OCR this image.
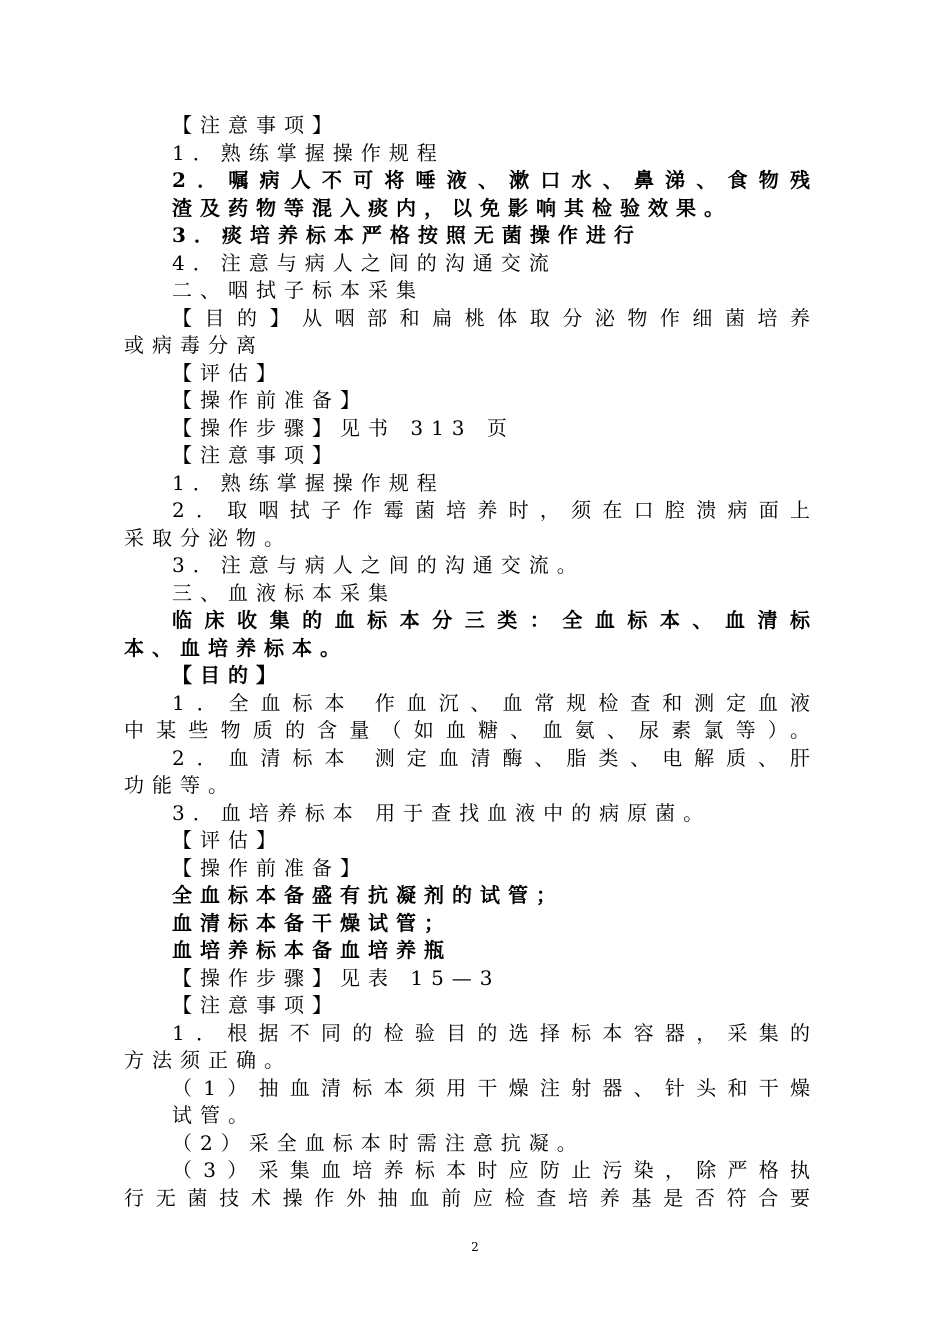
【注意事项】
1．熟练掌握操作规程
2．嘱病人不可将唾液、漱口水、鼻涕、食物残
渣及药物等混入痰内，以免影响其检验效果。
3．痰培养标本严格按照无菌操作进行
4．注意与病人之间的沟通交流
二、咽拭子标本采集
【目的】从咽部和扁桃体取分泌物作细菌培养
或病毒分离
【评估】
【操作前准备】
【操作步骤】见书 313 页
【注意事项】
1．熟练掌握操作规程
2．取咽拭子作霉菌培养时，须在口腔溃病面上
采取分泌物。
3．注意与病人之间的沟通交流。
三、血液标本采集
临床收集的血标本分三类：全血标本、血清标
本、血培养标本。
【目的】
1．全血标本 作血沉、血常规检查和测定血液
中某些物质的含量（如血糖、血氨、尿素氯等）。
2．血清标本 测定血清酶、脂类、电解质、肝
功能等。
3．血培养标本 用于查找血液中的病原菌。
【评估】
【操作前准备】
全血标本备盛有抗凝剂的试管；
血清标本备干燥试管；
血培养标本备血培养瓶
【操作步骤】见表 15—3
【注意事项】
1．根据不同的检验目的选择标本容器，采集的
方法须正确。
（1）抽血清标本须用干燥注射器、针头和干燥
试管。
（2）采全血标本时需注意抗凝。
（3）采集血培养标本时应防止污染，除严格执
行无菌技术操作外抽血前应检查培养基是否符合要
2
